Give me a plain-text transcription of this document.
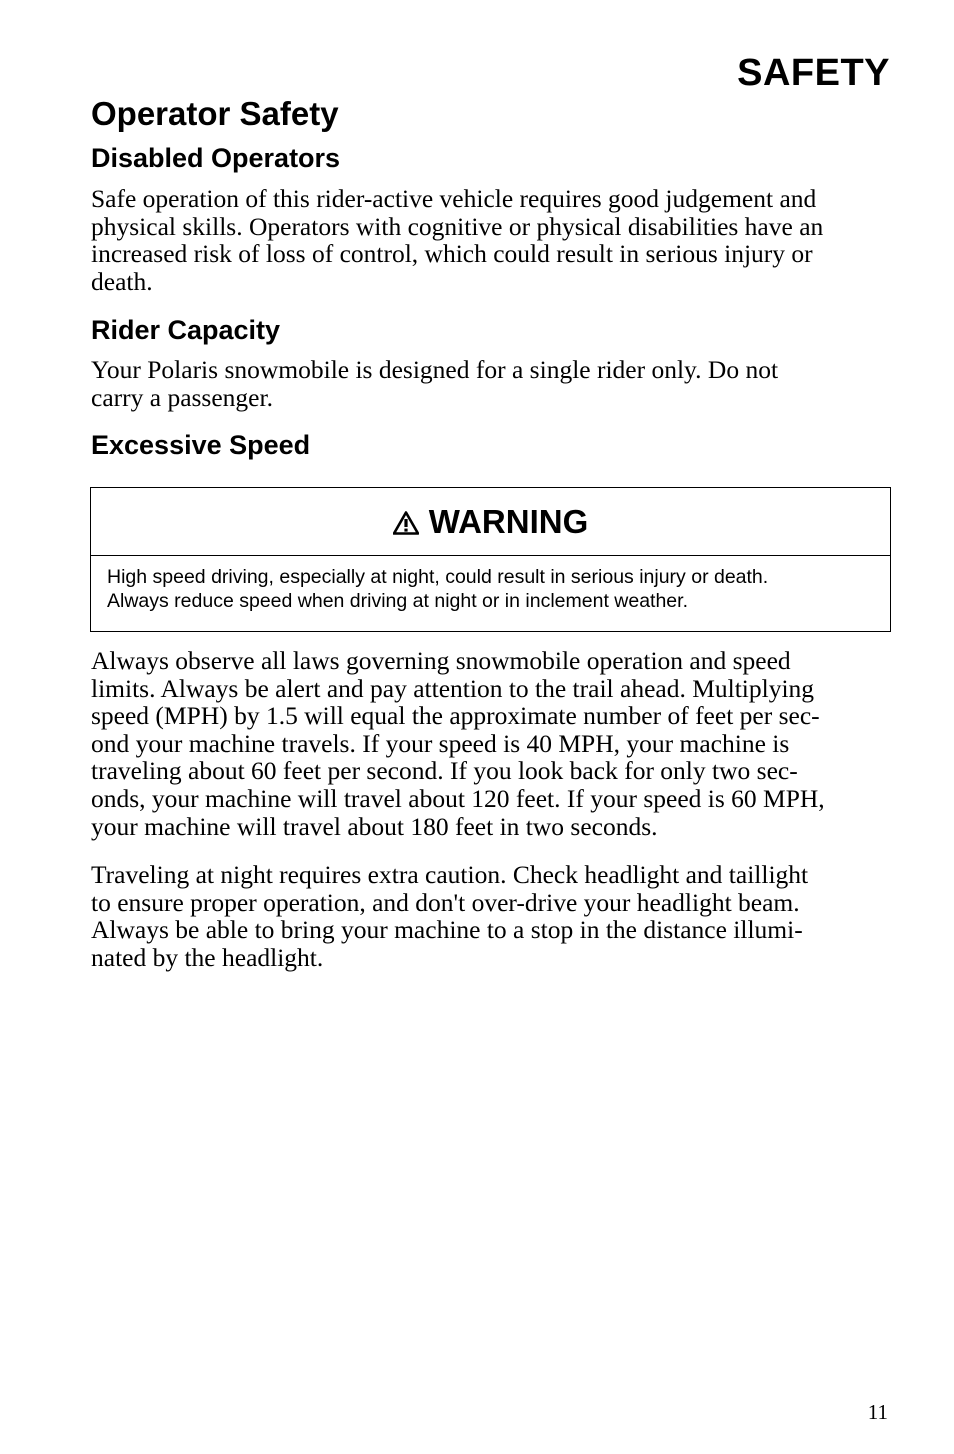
SAFETY
Operator Safety
Disabled Operators
Safe operation of this rider-active vehicle requires good judgement and
physical skills. Operators with cognitive or physical disabilities have an
increased risk of loss of control, which could result in serious injury or
death.
Rider Capacity
Your Polaris snowmobile is designed for a single rider only. Do not
carry a passenger.
Excessive Speed
WARNING
High speed driving, especially at night, could result in serious injury or death.
Always reduce speed when driving at night or in inclement weather.
Always observe all laws governing snowmobile operation and speed
limits. Always be alert and pay attention to the trail ahead. Multiplying
speed (MPH) by 1.5 will equal the approximate number of feet per sec-
ond your machine travels. If your speed is 40 MPH, your machine is
traveling about 60 feet per second. If you look back for only two sec-
onds, your machine will travel about 120 feet. If your speed is 60 MPH,
your machine will travel about 180 feet in two seconds.
Traveling at night requires extra caution. Check headlight and taillight
to ensure proper operation, and don't over-drive your headlight beam.
Always be able to bring your machine to a stop in the distance illumi-
nated by the headlight.
11
